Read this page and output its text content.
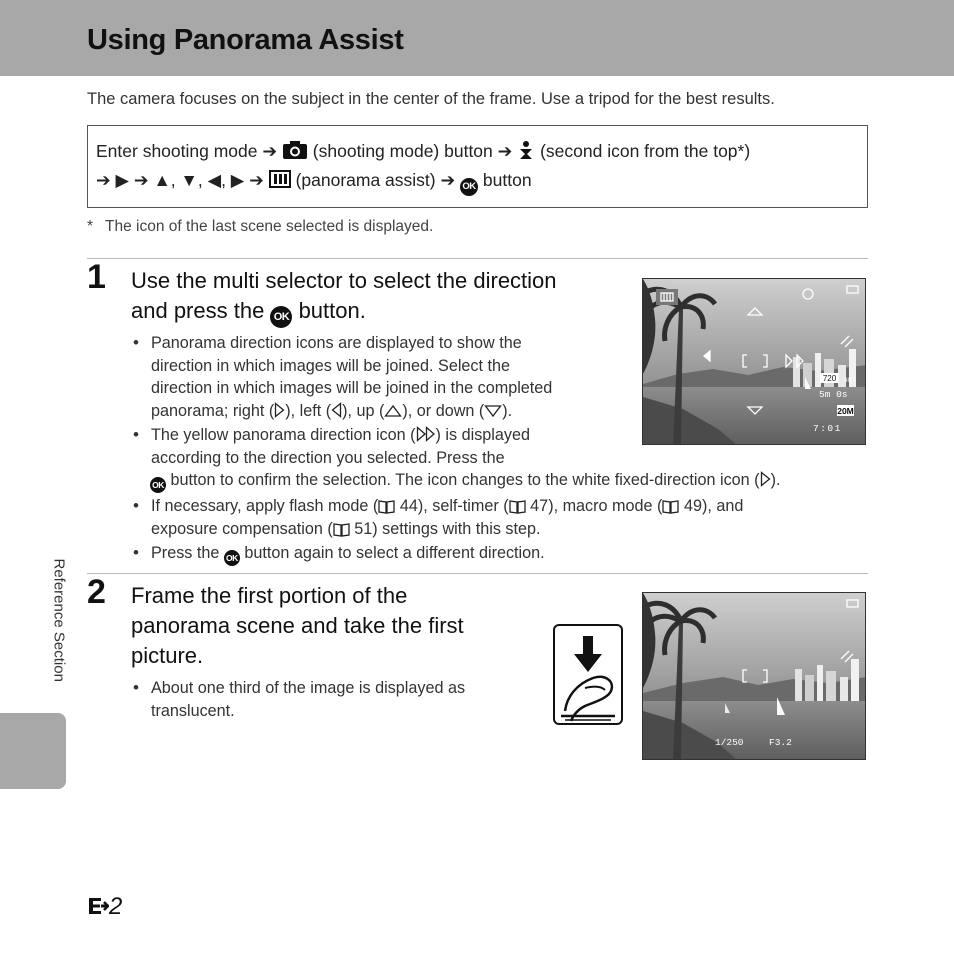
Using Panorama Assist

The camera focuses on the subject in the center of the frame. Use a tripod for the best results.

Enter shooting mode ➔ (shooting mode) button ➔ (second icon from the top*)
➔ ▶ ➔ ▲, ▼, ◀, ▶ ➔ (panorama assist) ➔ OK button

* The icon of the last scene selected is displayed.

1 Use the multi selector to select the direction
and press the OK button.
• Panorama direction icons are displayed to show the
direction in which images will be joined. Select the
direction in which images will be joined in the completed
panorama; right ( ), left ( ), up ( ), or down ( ).
• The yellow panorama direction icon ( ) is displayed
according to the direction you selected. Press the
OK button to confirm the selection. The icon changes to the white fixed-direction icon ( ).
• If necessary, apply flash mode ( 44), self-timer ( 47), macro mode ( 49), and
exposure compensation ( 51) settings with this step.
• Press the OK button again to select a different direction.
720 30
5m 0s
20M
7:01
2 Frame the first portion of the
panorama scene and take the first
picture.
• About one third of the image is displayed as
translucent.
1/250	F3.2
Reference Section
2
